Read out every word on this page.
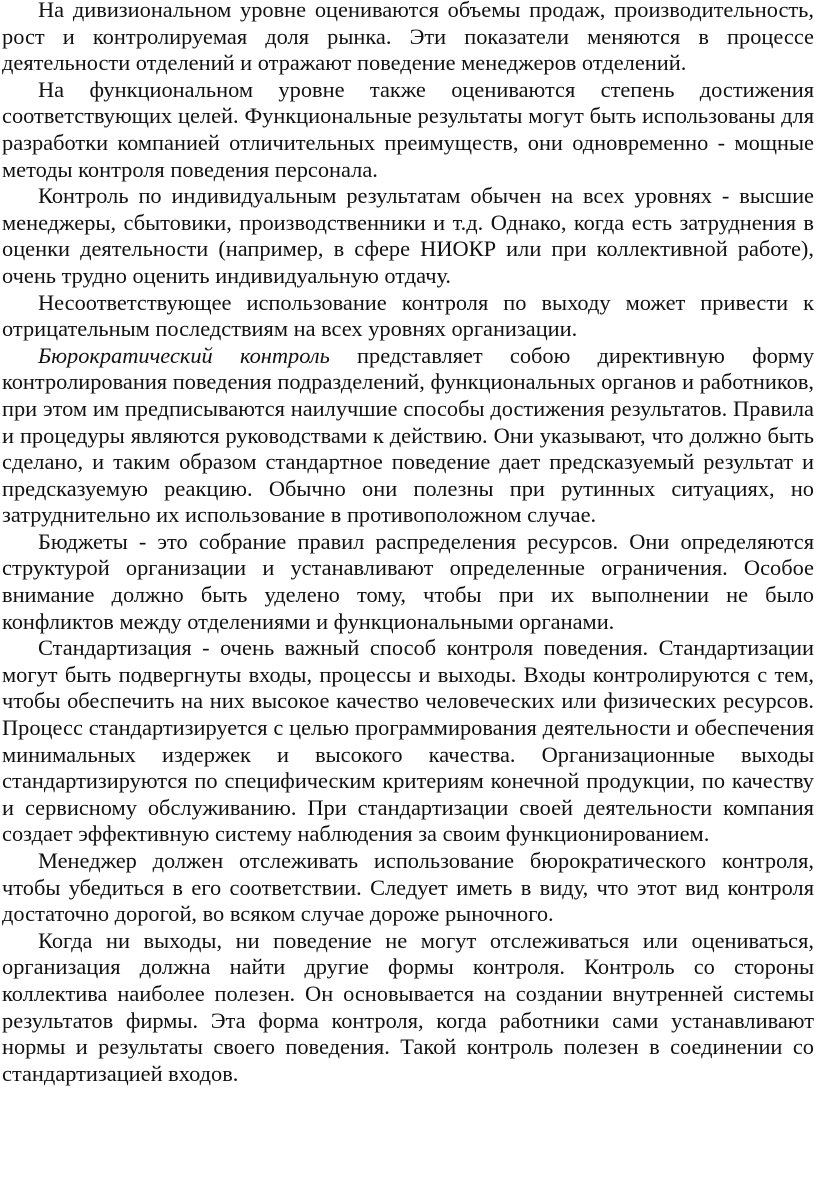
На дивизиональном уровне оцениваются объемы продаж, производительность, рост и контролируемая доля рынка. Эти показатели меняются в процессе деятельности отделений и отражают поведение менеджеров отделений.

На функциональном уровне также оцениваются степень достижения соответствующих целей. Функциональные результаты могут быть использованы для разработки компанией отличительных преимуществ, они одновременно - мощные методы контроля поведения персонала.

Контроль по индивидуальным результатам обычен на всех уровнях - высшие менеджеры, сбытовики, производственники и т.д. Однако, когда есть затруднения в оценки деятельности (например, в сфере НИОКР или при коллективной работе), очень трудно оценить индивидуальную отдачу.

Несоответствующее использование контроля по выходу может привести к отрицательным последствиям на всех уровнях организации.

Бюрократический контроль представляет собою директивную форму контролирования поведения подразделений, функциональных органов и работников, при этом им предписываются наилучшие способы достижения результатов. Правила и процедуры являются руководствами к действию. Они указывают, что должно быть сделано, и таким образом стандартное поведение дает предсказуемый результат и предсказуемую реакцию. Обычно они полезны при рутинных ситуациях, но затруднительно их использование в противоположном случае.

Бюджеты - это собрание правил распределения ресурсов. Они определяются структурой организации и устанавливают определенные ограничения. Особое внимание должно быть уделено тому, чтобы при их выполнении не было конфликтов между отделениями и функциональными органами.

Стандартизация - очень важный способ контроля поведения. Стандартизации могут быть подвергнуты входы, процессы и выходы. Входы контролируются с тем, чтобы обеспечить на них высокое качество человеческих или физических ресурсов. Процесс стандартизируется с целью программирования деятельности и обеспечения минимальных издержек и высокого качества. Организационные выходы стандартизируются по специфическим критериям конечной продукции, по качеству и сервисному обслуживанию. При стандартизации своей деятельности компания создает эффективную систему наблюдения за своим функционированием.

Менеджер должен отслеживать использование бюрократического контроля, чтобы убедиться в его соответствии. Следует иметь в виду, что этот вид контроля достаточно дорогой, во всяком случае дороже рыночного.

Когда ни выходы, ни поведение не могут отслеживаться или оцениваться, организация должна найти другие формы контроля. Контроль со стороны коллектива наиболее полезен. Он основывается на создании внутренней системы результатов фирмы. Эта форма контроля, когда работники сами устанавливают нормы и результаты своего поведения. Такой контроль полезен в соединении со стандартизацией входов.
